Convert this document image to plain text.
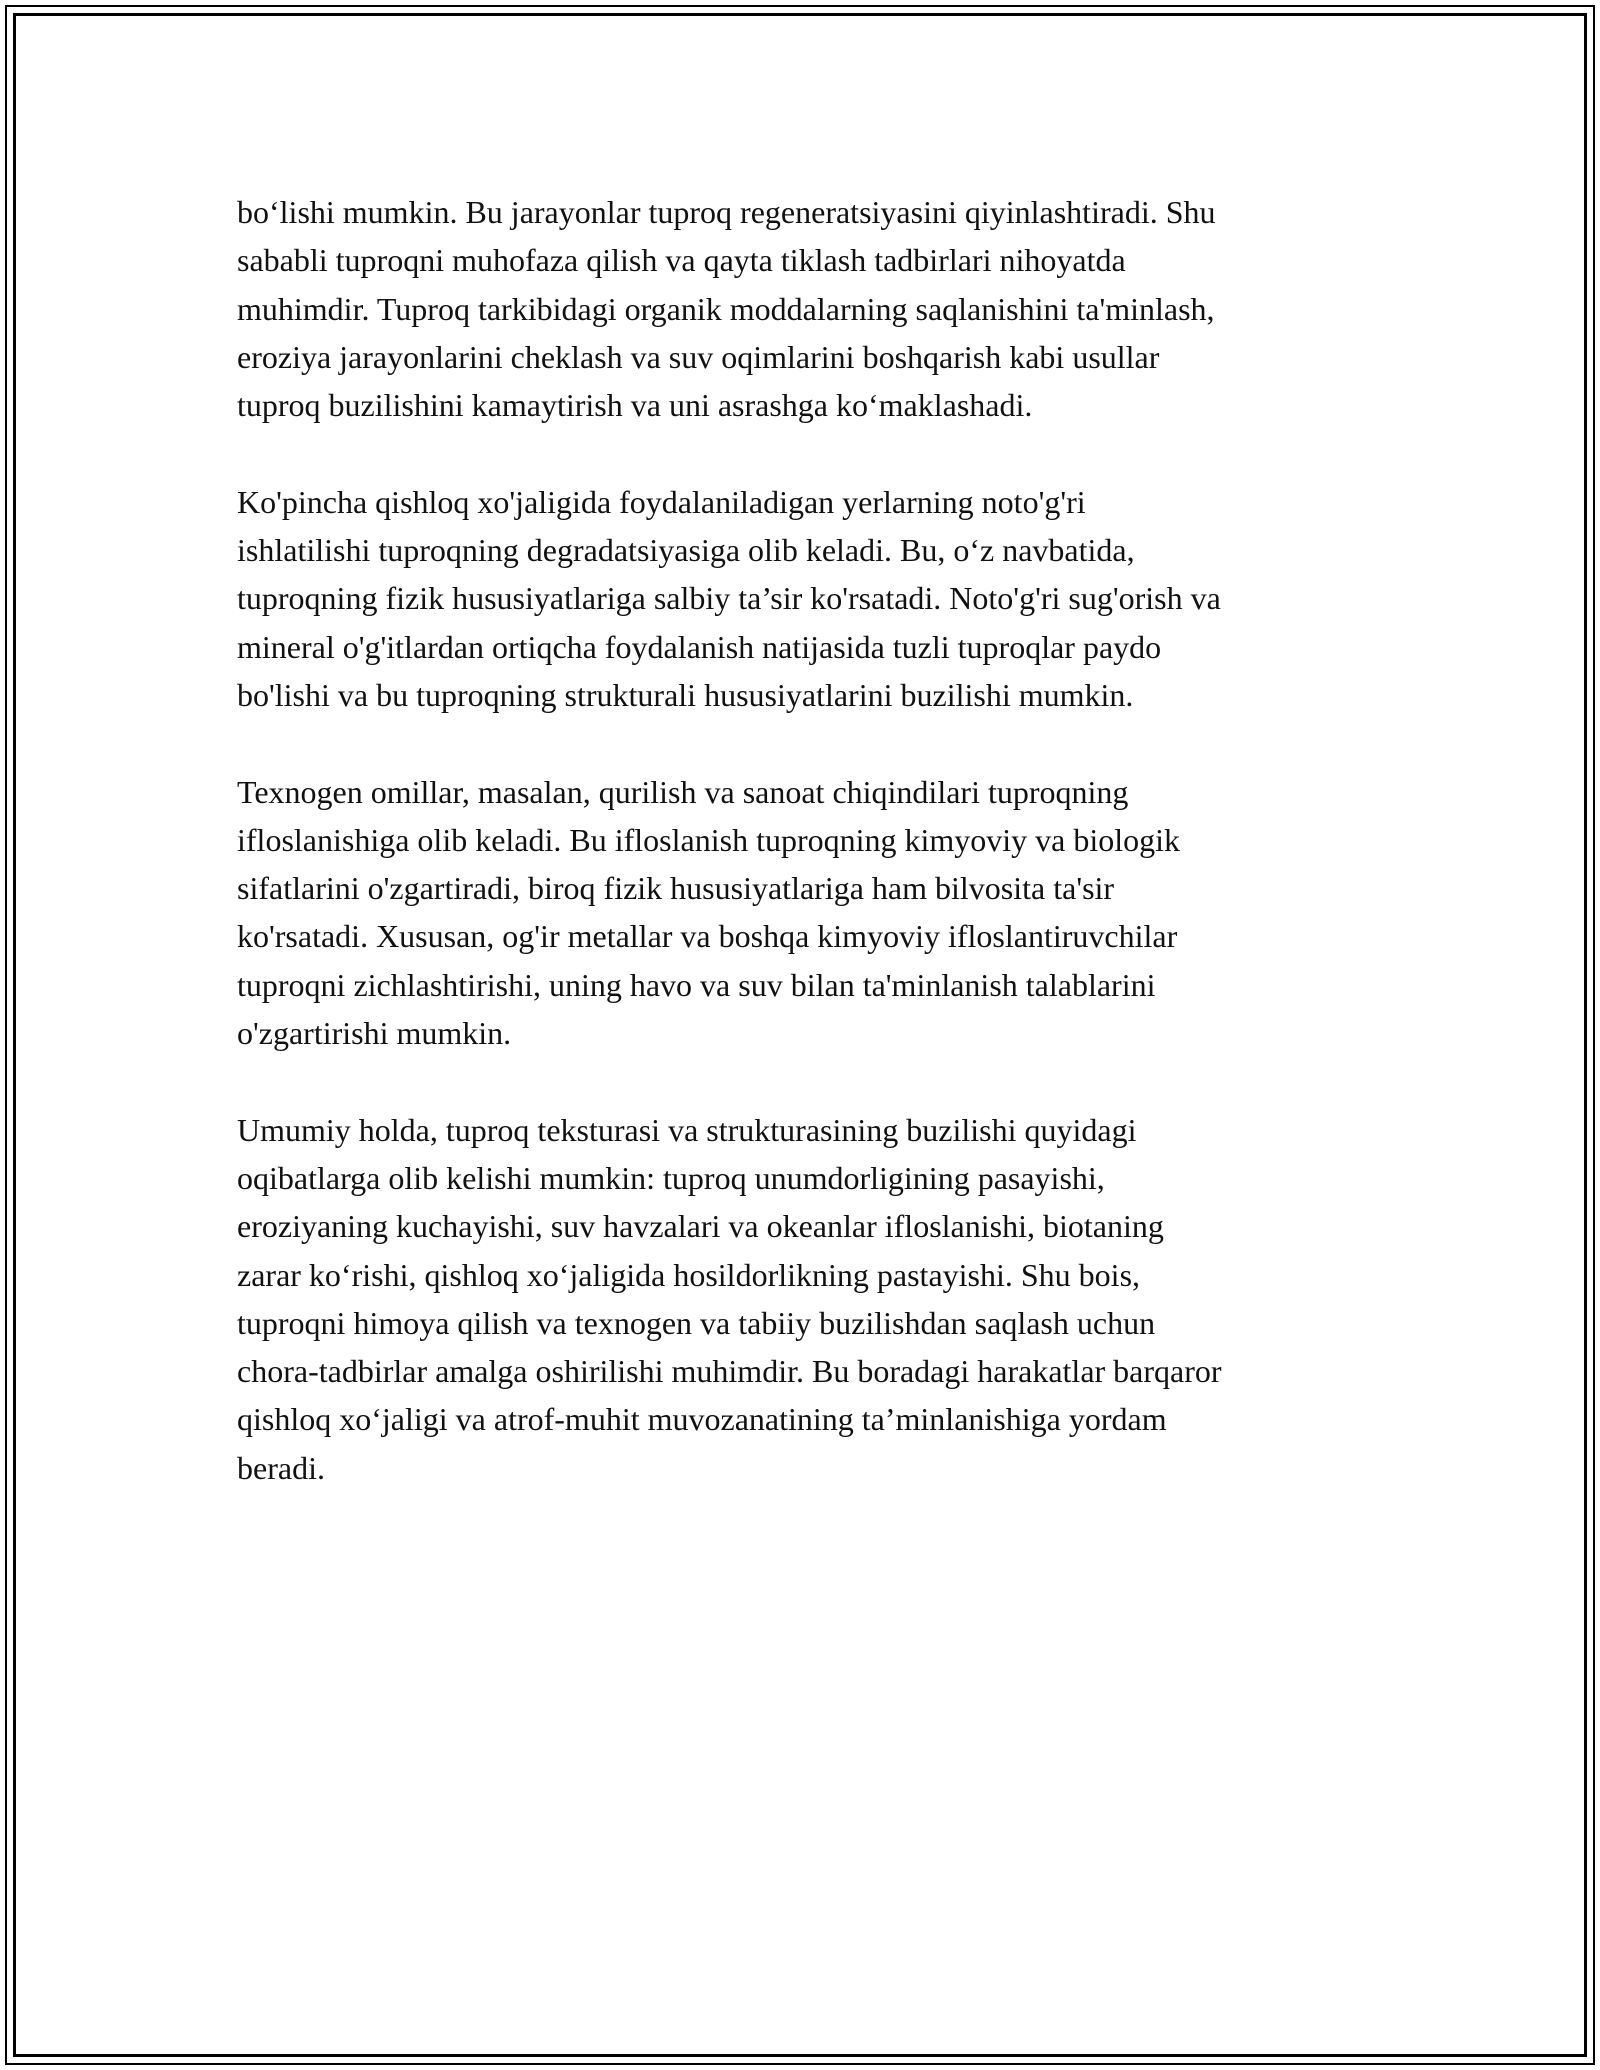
bo‘lishi mumkin. Bu jarayonlar tuproq regeneratsiyasini qiyinlashtiradi. Shu
sababli tuproqni muhofaza qilish va qayta tiklash tadbirlari nihoyatda
muhimdir. Tuproq tarkibidagi organik moddalarning saqlanishini ta'minlash,
eroziya jarayonlarini cheklash va suv oqimlarini boshqarish kabi usullar
tuproq buzilishini kamaytirish va uni asrashga ko‘maklashadi.

Ko'pincha qishloq xo'jaligida foydalaniladigan yerlarning noto'g'ri
ishlatilishi tuproqning degradatsiyasiga olib keladi. Bu, o‘z navbatida,
tuproqning fizik hususiyatlariga salbiy ta’sir ko'rsatadi. Noto'g'ri sug'orish va
mineral o'g'itlardan ortiqcha foydalanish natijasida tuzli tuproqlar paydo
bo'lishi va bu tuproqning strukturali hususiyatlarini buzilishi mumkin.

Texnogen omillar, masalan, qurilish va sanoat chiqindilari tuproqning
ifloslanishiga olib keladi. Bu ifloslanish tuproqning kimyoviy va biologik
sifatlarini o'zgartiradi, biroq fizik hususiyatlariga ham bilvosita ta'sir
ko'rsatadi. Xususan, og'ir metallar va boshqa kimyoviy ifloslantiruvchilar
tuproqni zichlashtirishi, uning havo va suv bilan ta'minlanish talablarini
o'zgartirishi mumkin.

Umumiy holda, tuproq teksturasi va strukturasining buzilishi quyidagi
oqibatlarga olib kelishi mumkin: tuproq unumdorligining pasayishi,
eroziyaning kuchayishi, suv havzalari va okeanlar ifloslanishi, biotaning
zarar ko‘rishi, qishloq xo‘jaligida hosildorlikning pastayishi. Shu bois,
tuproqni himoya qilish va texnogen va tabiiy buzilishdan saqlash uchun
chora-tadbirlar amalga oshirilishi muhimdir. Bu boradagi harakatlar barqaror
qishloq xo‘jaligi va atrof-muhit muvozanatining ta’minlanishiga yordam
beradi.
